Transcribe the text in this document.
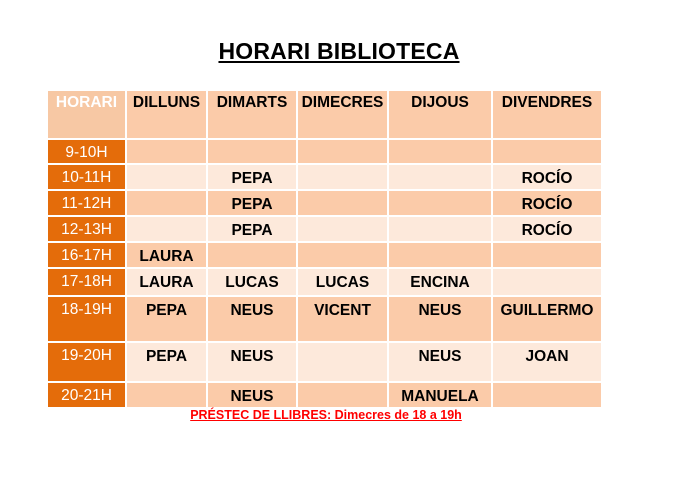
HORARI BIBLIOTECA
HORARI	DILLUNS	DIMARTS	DIMECRES	DIJOUS	DIVENDRES
9-10H					
10-11H		PEPA			ROCÍO
11-12H		PEPA			ROCÍO
12-13H		PEPA			ROCÍO
16-17H	LAURA				
17-18H	LAURA	LUCAS	LUCAS	ENCINA	
18-19H	PEPA	NEUS	VICENT	NEUS	GUILLERMO
19-20H	PEPA	NEUS		NEUS	JOAN
20-21H		NEUS		MANUELA	
PRÉSTEC DE LLIBRES: Dimecres de 18 a 19h
